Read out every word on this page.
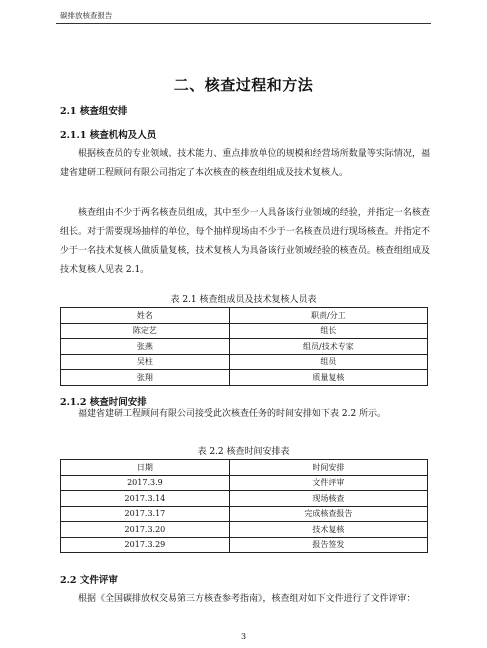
碳排放核查报告
二、核查过程和方法
2.1 核查组安排
2.1.1 核查机构及人员

根据核查员的专业领域、技术能力、重点排放单位的规模和经营场所数量等实际情况，福建省建研工程顾问有限公司指定了本次核查的核查组组成及技术复核人。

核查组由不少于两名核查员组成，其中至少一人具备该行业领域的经验，并指定一名核查组长。对于需要现场抽样的单位，每个抽样现场由不少于一名核查员进行现场核查。并指定不少于一名技术复核人做质量复核，技术复核人为具备该行业领域经验的核查员。核查组组成及技术复核人见表 2.1。

表 2.1 核查组成员及技术复核人员表
姓名	职责/分工
陈定艺	组长
张燕	组员/技术专家
吴柱	组员
张翔	质量复核
2.1.2 核查时间安排

福建省建研工程顾问有限公司接受此次核查任务的时间安排如下表 2.2 所示。

表 2.2 核查时间安排表
日期	时间安排
2017.3.9	文件评审
2017.3.14	现场核查
2017.3.17	完成核查报告
2017.3.20	技术复核
2017.3.29	报告签发
2.2 文件评审

根据《全国碳排放权交易第三方核查参考指南》，核查组对如下文件进行了文件评审：

3
